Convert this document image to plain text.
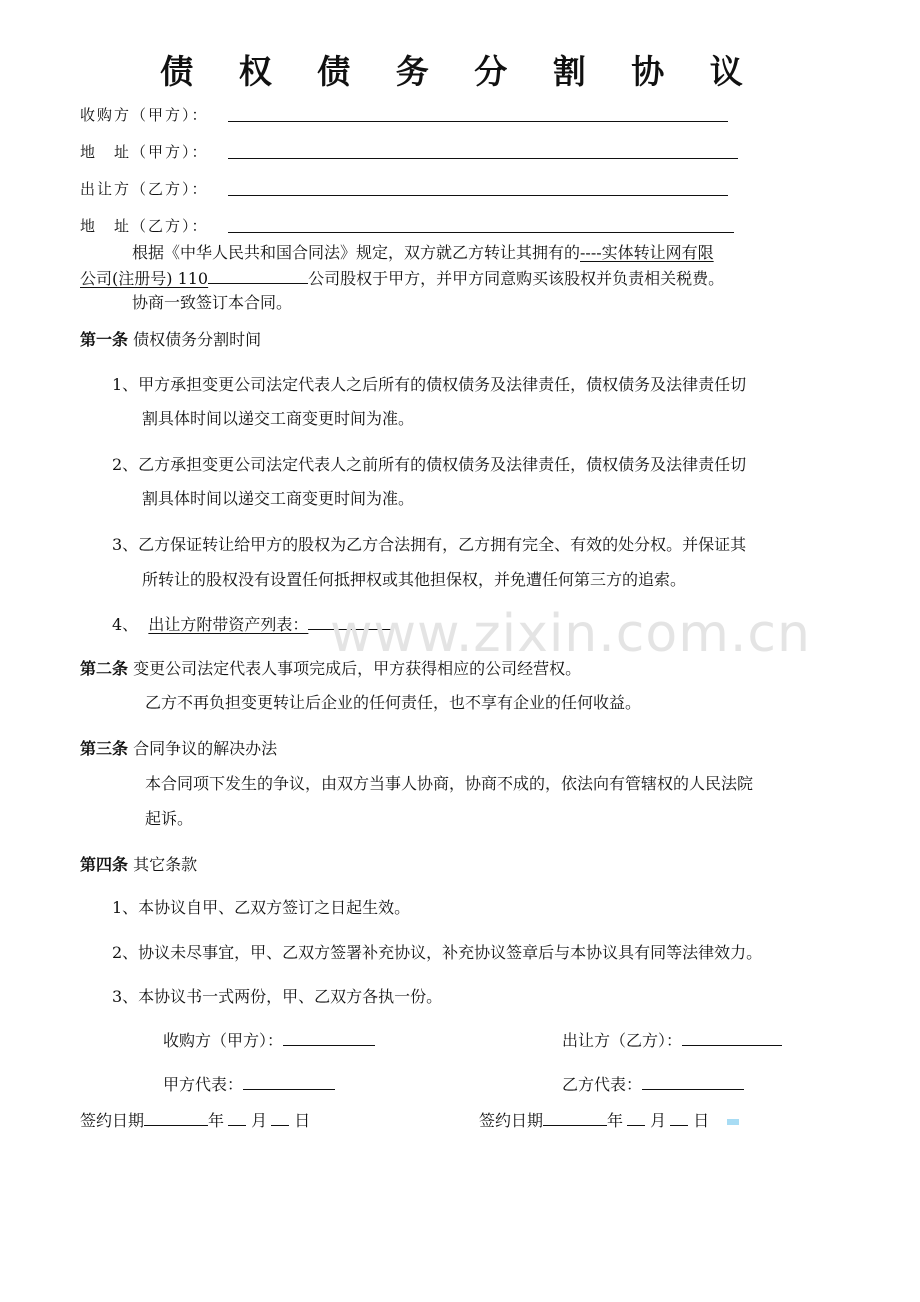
债 权 债 务 分 割 协 议
收购方（甲方）：
地　址（甲方）：
出让方（乙方）：
地　址（乙方）：
根据《中华人民共和国合同法》规定，双方就乙方转让其拥有的----实体转让网有限
公司(注册号) 110	公司股权于甲方，并甲方同意购买该股权并负责相关税费。
协商一致签订本合同。
第一条 债权债务分割时间
1、甲方承担变更公司法定代表人之后所有的债权债务及法律责任，债权债务及法律责任切
割具体时间以递交工商变更时间为准。
2、乙方承担变更公司法定代表人之前所有的债权债务及法律责任，债权债务及法律责任切
割具体时间以递交工商变更时间为准。
3、乙方保证转让给甲方的股权为乙方合法拥有，乙方拥有完全、有效的处分权。并保证其
所转让的股权没有设置任何抵押权或其他担保权，并免遭任何第三方的追索。
4、 出让方附带资产列表： www.zixin.com.cn
第二条 变更公司法定代表人事项完成后，甲方获得相应的公司经营权。
乙方不再负担变更转让后企业的任何责任，也不享有企业的任何收益。
第三条 合同争议的解决办法
本合同项下发生的争议，由双方当事人协商，协商不成的，依法向有管辖权的人民法院
起诉。
第四条 其它条款
1、本协议自甲、乙双方签订之日起生效。
2、协议未尽事宜，甲、乙双方签署补充协议，补充协议签章后与本协议具有同等法律效力。
3、本协议书一式两份，甲、乙双方各执一份。
收购方（甲方）：	出让方（乙方）：
甲方代表：	乙方代表：
签约日期	年 月 日	签约日期	年 月 日
